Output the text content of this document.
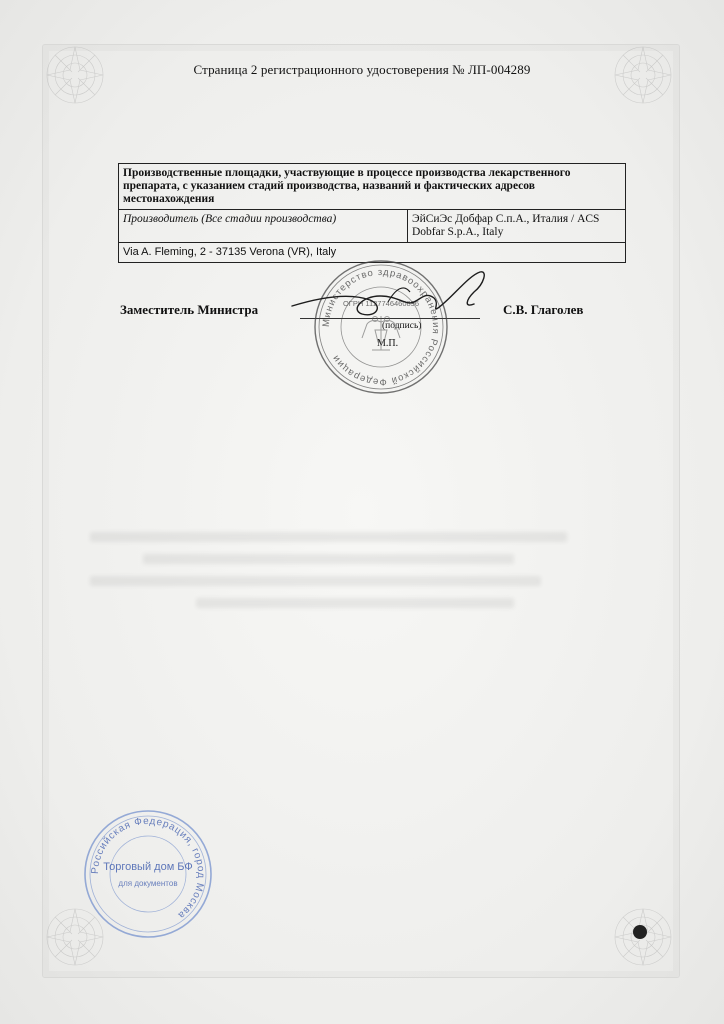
Страница 2 регистрационного удостоверения № ЛП-004289
Производственные площадки, участвующие в процессе производства лекарственного препарата, с указанием стадий производства, названий и фактических адресов местонахождения
Производитель (Все стадии производства)	ЭйСиЭс Добфар С.п.А., Италия / ACS Dobfar S.p.A., Italy
Via A. Fleming, 2 - 37135 Verona (VR), Italy
Заместитель Министра
(подпись)
М.П.
С.В. Глаголев
Министерство здравоохранения Российской Федерации
ОГРН 1127746460896
Российская Федерация, город Москва
Торговый дом БФ
для документов
